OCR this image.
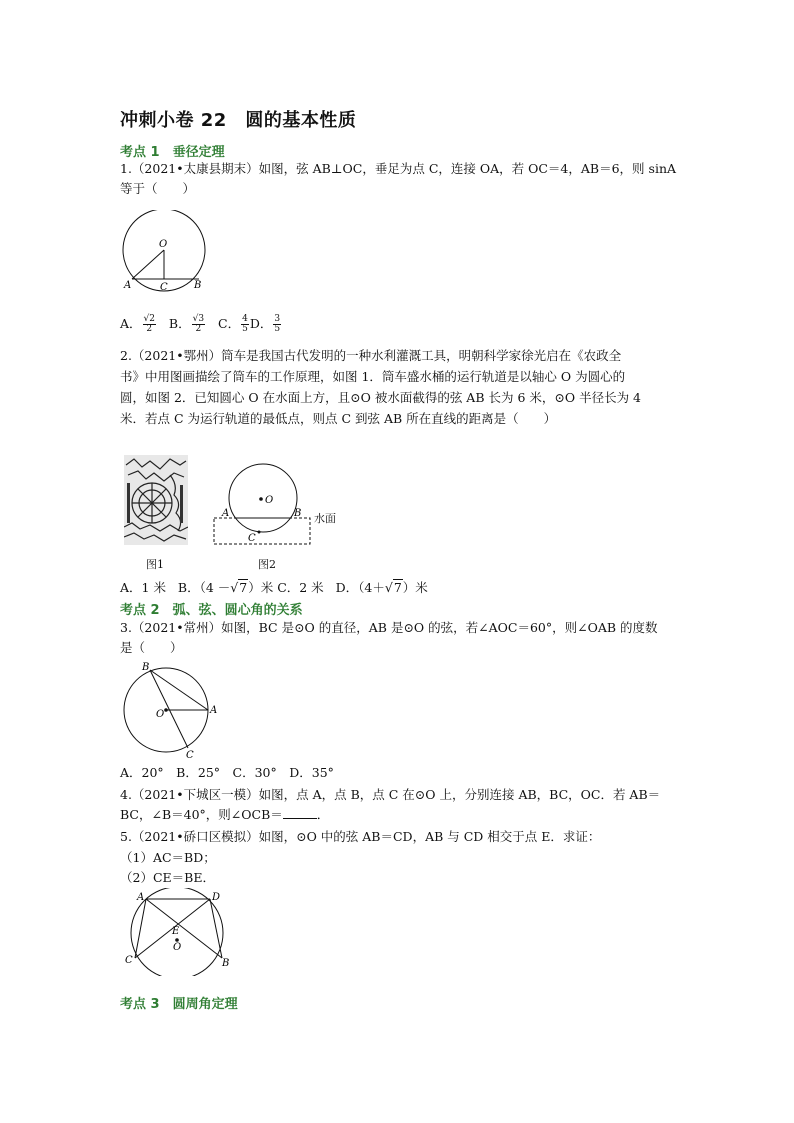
冲刺小卷 22　圆的基本性质
考点 1　垂径定理
1.（2021•太康县期末）如图，弦 AB⊥OC，垂足为点 C，连接 OA，若 OC＝4，AB＝6，则 sinA
等于（　　）
O
A	C	B
A． $\frac{√2}{2}$ B． $\frac{√3}{2}$ C． $\frac{4}{5}$ D． $\frac{3}{5}$
2.（2021•鄂州）筒车是我国古代发明的一种水利灌溉工具，明朝科学家徐光启在《农政全
书》中用图画描绘了筒车的工作原理，如图 1．筒车盛水桶的运行轨道是以轴心 O 为圆心的
圆，如图 2．已知圆心 O 在水面上方，且⊙O 被水面截得的弦 AB 长为 6 米，⊙O 半径长为 4
米．若点 C 为运行轨道的最低点，则点 C 到弦 AB 所在直线的距离是（　　）
图1
O
A	B
C
水面
图2
A．1 米 B．（4 －√7）米 C．2 米 D．（4＋√7）米
考点 2　弧、弦、圆心角的关系
3.（2021•常州）如图，BC 是⊙O 的直径，AB 是⊙O 的弦，若∠AOC＝60°，则∠OAB 的度数
是（　　）
B
O	A
C
A．20°　B．25°　C．30°　D．35°
4.（2021•下城区一模）如图，点 A，点 B，点 C 在⊙O 上，分别连接 AB，BC，OC．若 AB＝
BC，∠B＝40°，则∠OCB＝	．
5.（2021•硚口区模拟）如图，⊙O 中的弦 AB＝CD，AB 与 CD 相交于点 E．求证：
（1）AC＝BD；
（2）CE＝BE．
A	D
E
O
C	B
考点 3　圆周角定理
